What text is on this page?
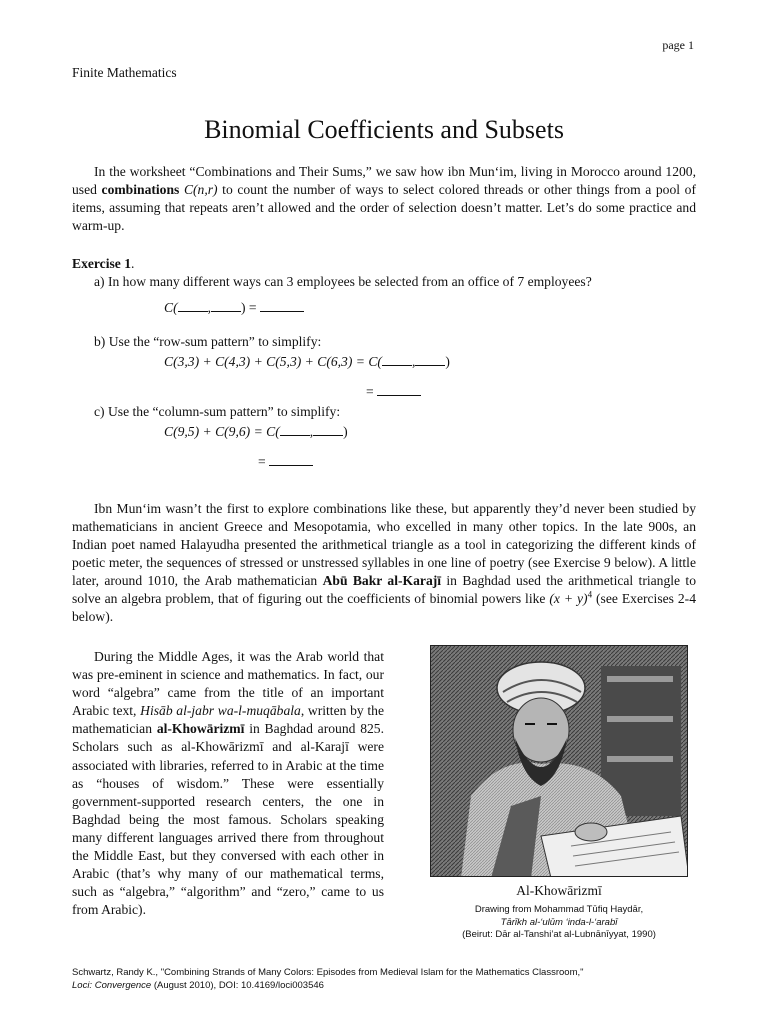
page 1
Finite Mathematics
Binomial Coefficients and Subsets

In the worksheet “Combinations and Their Sums,” we saw how ibn Mun‘im, living in Morocco around 1200, used combinations C(n,r) to count the number of ways to select colored threads or other things from a pool of items, assuming that repeats aren’t allowed and the order of selection doesn’t matter. Let’s do some practice and warm-up.

Exercise 1.
a) In how many different ways can 3 employees be selected from an office of 7 employees?
C( , ) =
b) Use the “row-sum pattern” to simplify:
C(3,3) + C(4,3) + C(5,3) + C(6,3) = C( , )
=
c) Use the “column-sum pattern” to simplify:
C(9,5) + C(9,6) = C( , )
=

Ibn Mun‘im wasn’t the first to explore combinations like these, but apparently they’d never been studied by mathematicians in ancient Greece and Mesopotamia, who excelled in many other topics. In the late 900s, an Indian poet named Halayudha presented the arithmetical triangle as a tool in categorizing the different kinds of poetic meter, the sequences of stressed or unstressed syllables in one line of poetry (see Exercise 9 below). A little later, around 1010, the Arab mathematician Abū Bakr al-Karajī in Baghdad used the arithmetical triangle to solve an algebra problem, that of figuring out the coefficients of binomial powers like $(x + y)^4$ (see Exercises 2-4 below).

During the Middle Ages, it was the Arab world that was pre-eminent in science and mathematics. In fact, our word “algebra” came from the title of an important Arabic text, Hisāb al-jabr wa-l-muqābala, written by the mathematician al-Khowārizmī in Baghdad around 825. Scholars such as al-Khowārizmī and al-Karajī were associated with libraries, referred to in Arabic at the time as “houses of wisdom.” These were essentially government-supported research centers, the one in Baghdad being the most famous. Scholars speaking many different languages arrived there from throughout the Middle East, but they conversed with each other in Arabic (that’s why many of our mathematical terms, such as “algebra,” “algorithm” and “zero,” came to us from Arabic).

Al-Khowārizmī
Drawing from Mohammad Tūfiq Haydār,
Tārīkh al-‘ulūm ‘inda-l-‘arabī
(Beirut: Dār al-Tanshi’at al-Lubnānīyyat, 1990)
Schwartz, Randy K., "Combining Strands of Many Colors: Episodes from Medieval Islam for the Mathematics Classroom,"
Loci: Convergence (August 2010), DOI: 10.4169/loci003546
